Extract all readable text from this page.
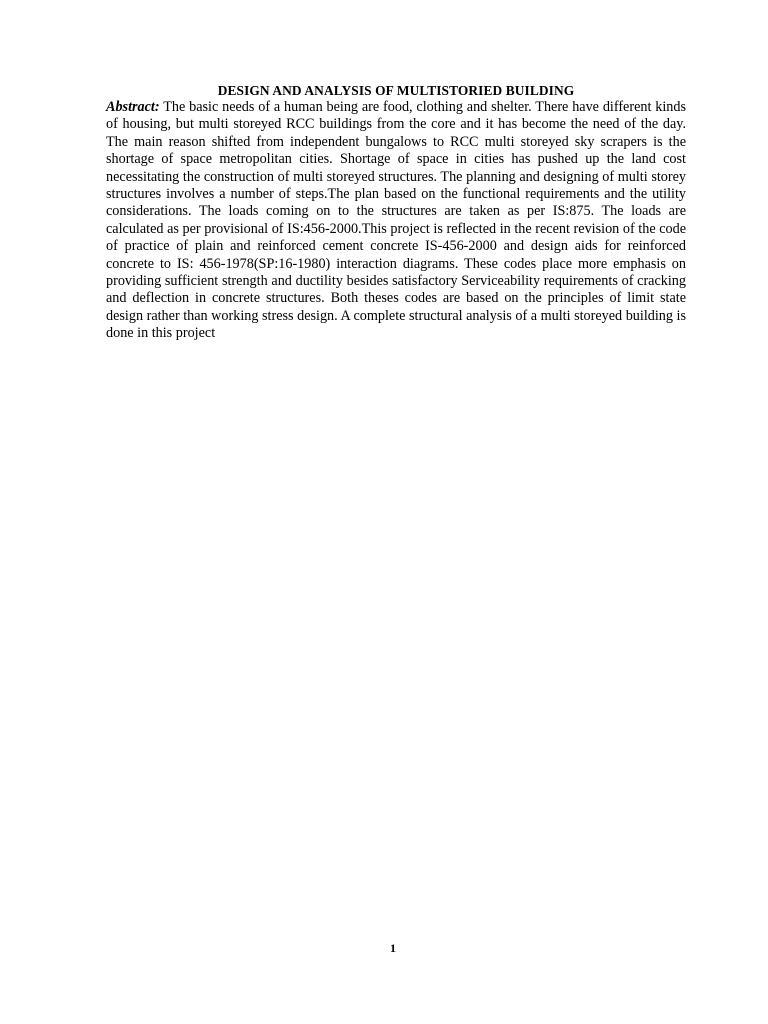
DESIGN AND ANALYSIS OF MULTISTORIED BUILDING

Abstract: The basic needs of a human being are food, clothing and shelter. There have different kinds of housing, but multi storeyed RCC buildings from the core and it has become the need of the day. The main reason shifted from independent bungalows to RCC multi storeyed sky scrapers is the shortage of space metropolitan cities. Shortage of space in cities has pushed up the land cost necessitating the construction of multi storeyed structures. The planning and designing of multi storey structures involves a number of steps.The plan based on the functional requirements and the utility considerations. The loads coming on to the structures are taken as per IS:875. The loads are calculated as per provisional of IS:456-2000.This project is reflected in the recent revision of the code of practice of plain and reinforced cement concrete IS-456-2000 and design aids for reinforced concrete to IS: 456-1978(SP:16-1980) interaction diagrams. These codes place more emphasis on providing sufficient strength and ductility besides satisfactory Serviceability requirements of cracking and deflection in concrete structures. Both theses codes are based on the principles of limit state design rather than working stress design. A complete structural analysis of a multi storeyed building is done in this project

1
